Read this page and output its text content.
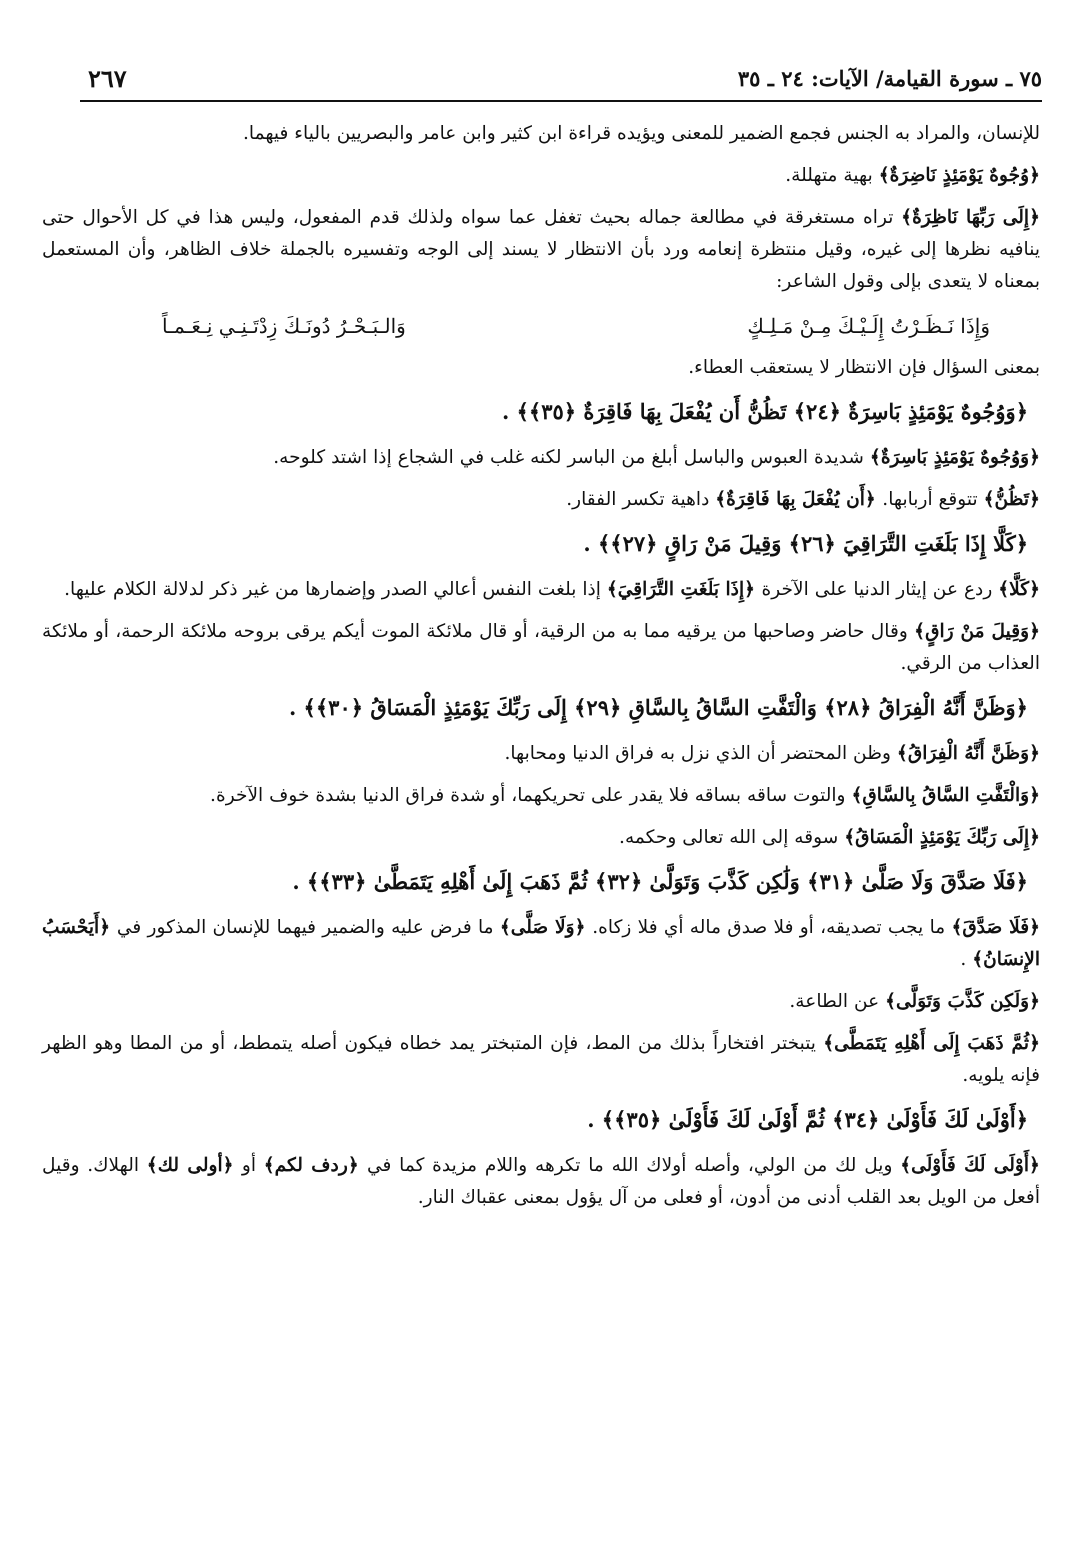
٧٥ ـ سورة القيامة/ الآيات: ٢٤ ـ ٣٥
٢٦٧

للإنسان، والمراد به الجنس فجمع الضمير للمعنى ويؤيده قراءة ابن كثير وابن عامر والبصريين بالياء فيهما.

﴿وُجُوهٌ يَوْمَئِذٍ نَاضِرَةٌ﴾بهية متهللة.

﴿إِلَى رَبِّهَا نَاظِرَةٌ﴾تراه مستغرقة في مطالعة جماله بحيث تغفل عما سواه ولذلك قدم المفعول، وليس هذا في كل الأحوال حتى ينافيه نظرها إلى غيره، وقيل منتظرة إنعامه ورد بأن الانتظار لا يسند إلى الوجه وتفسيره بالجملة خلاف الظاهر، وأن المستعمل بمعناه لا يتعدى بإلى وقول الشاعر:

وَإِذَا نَـظَـرْتُ إِلَـيْـكَ مِـنْ مَـلِـكٍ
وَالـبَـحْـرُ دُونَـكَ زِدْتَـنِـي نِـعَـمـاً

بمعنى السؤال فإن الانتظار لا يستعقب العطاء.

﴿وَوُجُوهٌ يَوْمَئِذٍ بَاسِرَةٌ ﴿٢٤﴾ تَظُنُّ أَن يُفْعَلَ بِهَا فَاقِرَةٌ ﴿٣٥﴾﴾ .

﴿وَوُجُوهٌ يَوْمَئِذٍ بَاسِرَةٌ﴾شديدة العبوس والباسل أبلغ من الباسر لكنه غلب في الشجاع إذا اشتد كلوحه.

﴿تَظُنُّ﴾تتوقع أربابها.﴿أَن يُفْعَلَ بِهَا فَاقِرَةٌ﴾داهية تكسر الفقار.

﴿كَلَّا إِذَا بَلَغَتِ التَّرَاقِيَ ﴿٢٦﴾ وَقِيلَ مَنْ رَاقٍ ﴿٢٧﴾﴾ .

﴿كَلَّا﴾ردع عن إيثار الدنيا على الآخرة﴿إِذَا بَلَغَتِ التَّرَاقِيَ﴾إذا بلغت النفس أعالي الصدر وإضمارها من غير ذكر لدلالة الكلام عليها.

﴿وَقِيلَ مَنْ رَاقٍ﴾وقال حاضر وصاحبها من يرقيه مما به من الرقية، أو قال ملائكة الموت أيكم يرقى بروحه ملائكة الرحمة، أو ملائكة العذاب من الرقي.

﴿وَظَنَّ أَنَّهُ الْفِرَاقُ ﴿٢٨﴾ وَالْتَفَّتِ السَّاقُ بِالسَّاقِ ﴿٢٩﴾ إِلَى رَبِّكَ يَوْمَئِذٍ الْمَسَاقُ ﴿٣٠﴾﴾ .

﴿وَظَنَّ أَنَّهُ الْفِرَاقُ﴾وظن المحتضر أن الذي نزل به فراق الدنيا ومحابها.

﴿وَالْتَفَّتِ السَّاقُ بِالسَّاقِ﴾والتوت ساقه بساقه فلا يقدر على تحريكهما، أو شدة فراق الدنيا بشدة خوف الآخرة.

﴿إِلَى رَبِّكَ يَوْمَئِذٍ الْمَسَاقُ﴾سوقه إلى الله تعالى وحكمه.

﴿فَلَا صَدَّقَ وَلَا صَلَّىٰ ﴿٣١﴾ وَلَٰكِن كَذَّبَ وَتَوَلَّىٰ ﴿٣٢﴾ ثُمَّ ذَهَبَ إِلَىٰ أَهْلِهِ يَتَمَطَّىٰ ﴿٣٣﴾﴾ .

﴿فَلَا صَدَّقَ﴾ما يجب تصديقه، أو فلا صدق ماله أي فلا زكاه.﴿وَلَا صَلَّى﴾ما فرض عليه والضمير فيهما للإنسان المذكور في﴿أَيَحْسَبُ الإِنسَانُ﴾.

﴿وَلَكِن كَذَّبَ وَتَوَلَّى﴾عن الطاعة.

﴿ثُمَّ ذَهَبَ إِلَى أَهْلِهِ يَتَمَطَّى﴾يتبختر افتخاراً بذلك من المط، فإن المتبختر يمد خطاه فيكون أصله يتمطط، أو من المطا وهو الظهر فإنه يلويه.

﴿أَوْلَىٰ لَكَ فَأَوْلَىٰ ﴿٣٤﴾ ثُمَّ أَوْلَىٰ لَكَ فَأَوْلَىٰ ﴿٣٥﴾﴾ .

﴿أَوْلَى لَكَ فَأَوْلَى﴾ويل لك من الولي، وأصله أولاك الله ما تكرهه واللام مزيدة كما في﴿ردف لكم﴾أو﴿أولى لك﴾الهلاك. وقيل أفعل من الويل بعد القلب أدنى من أدون، أو فعلى من آل يؤول بمعنى عقباك النار.
